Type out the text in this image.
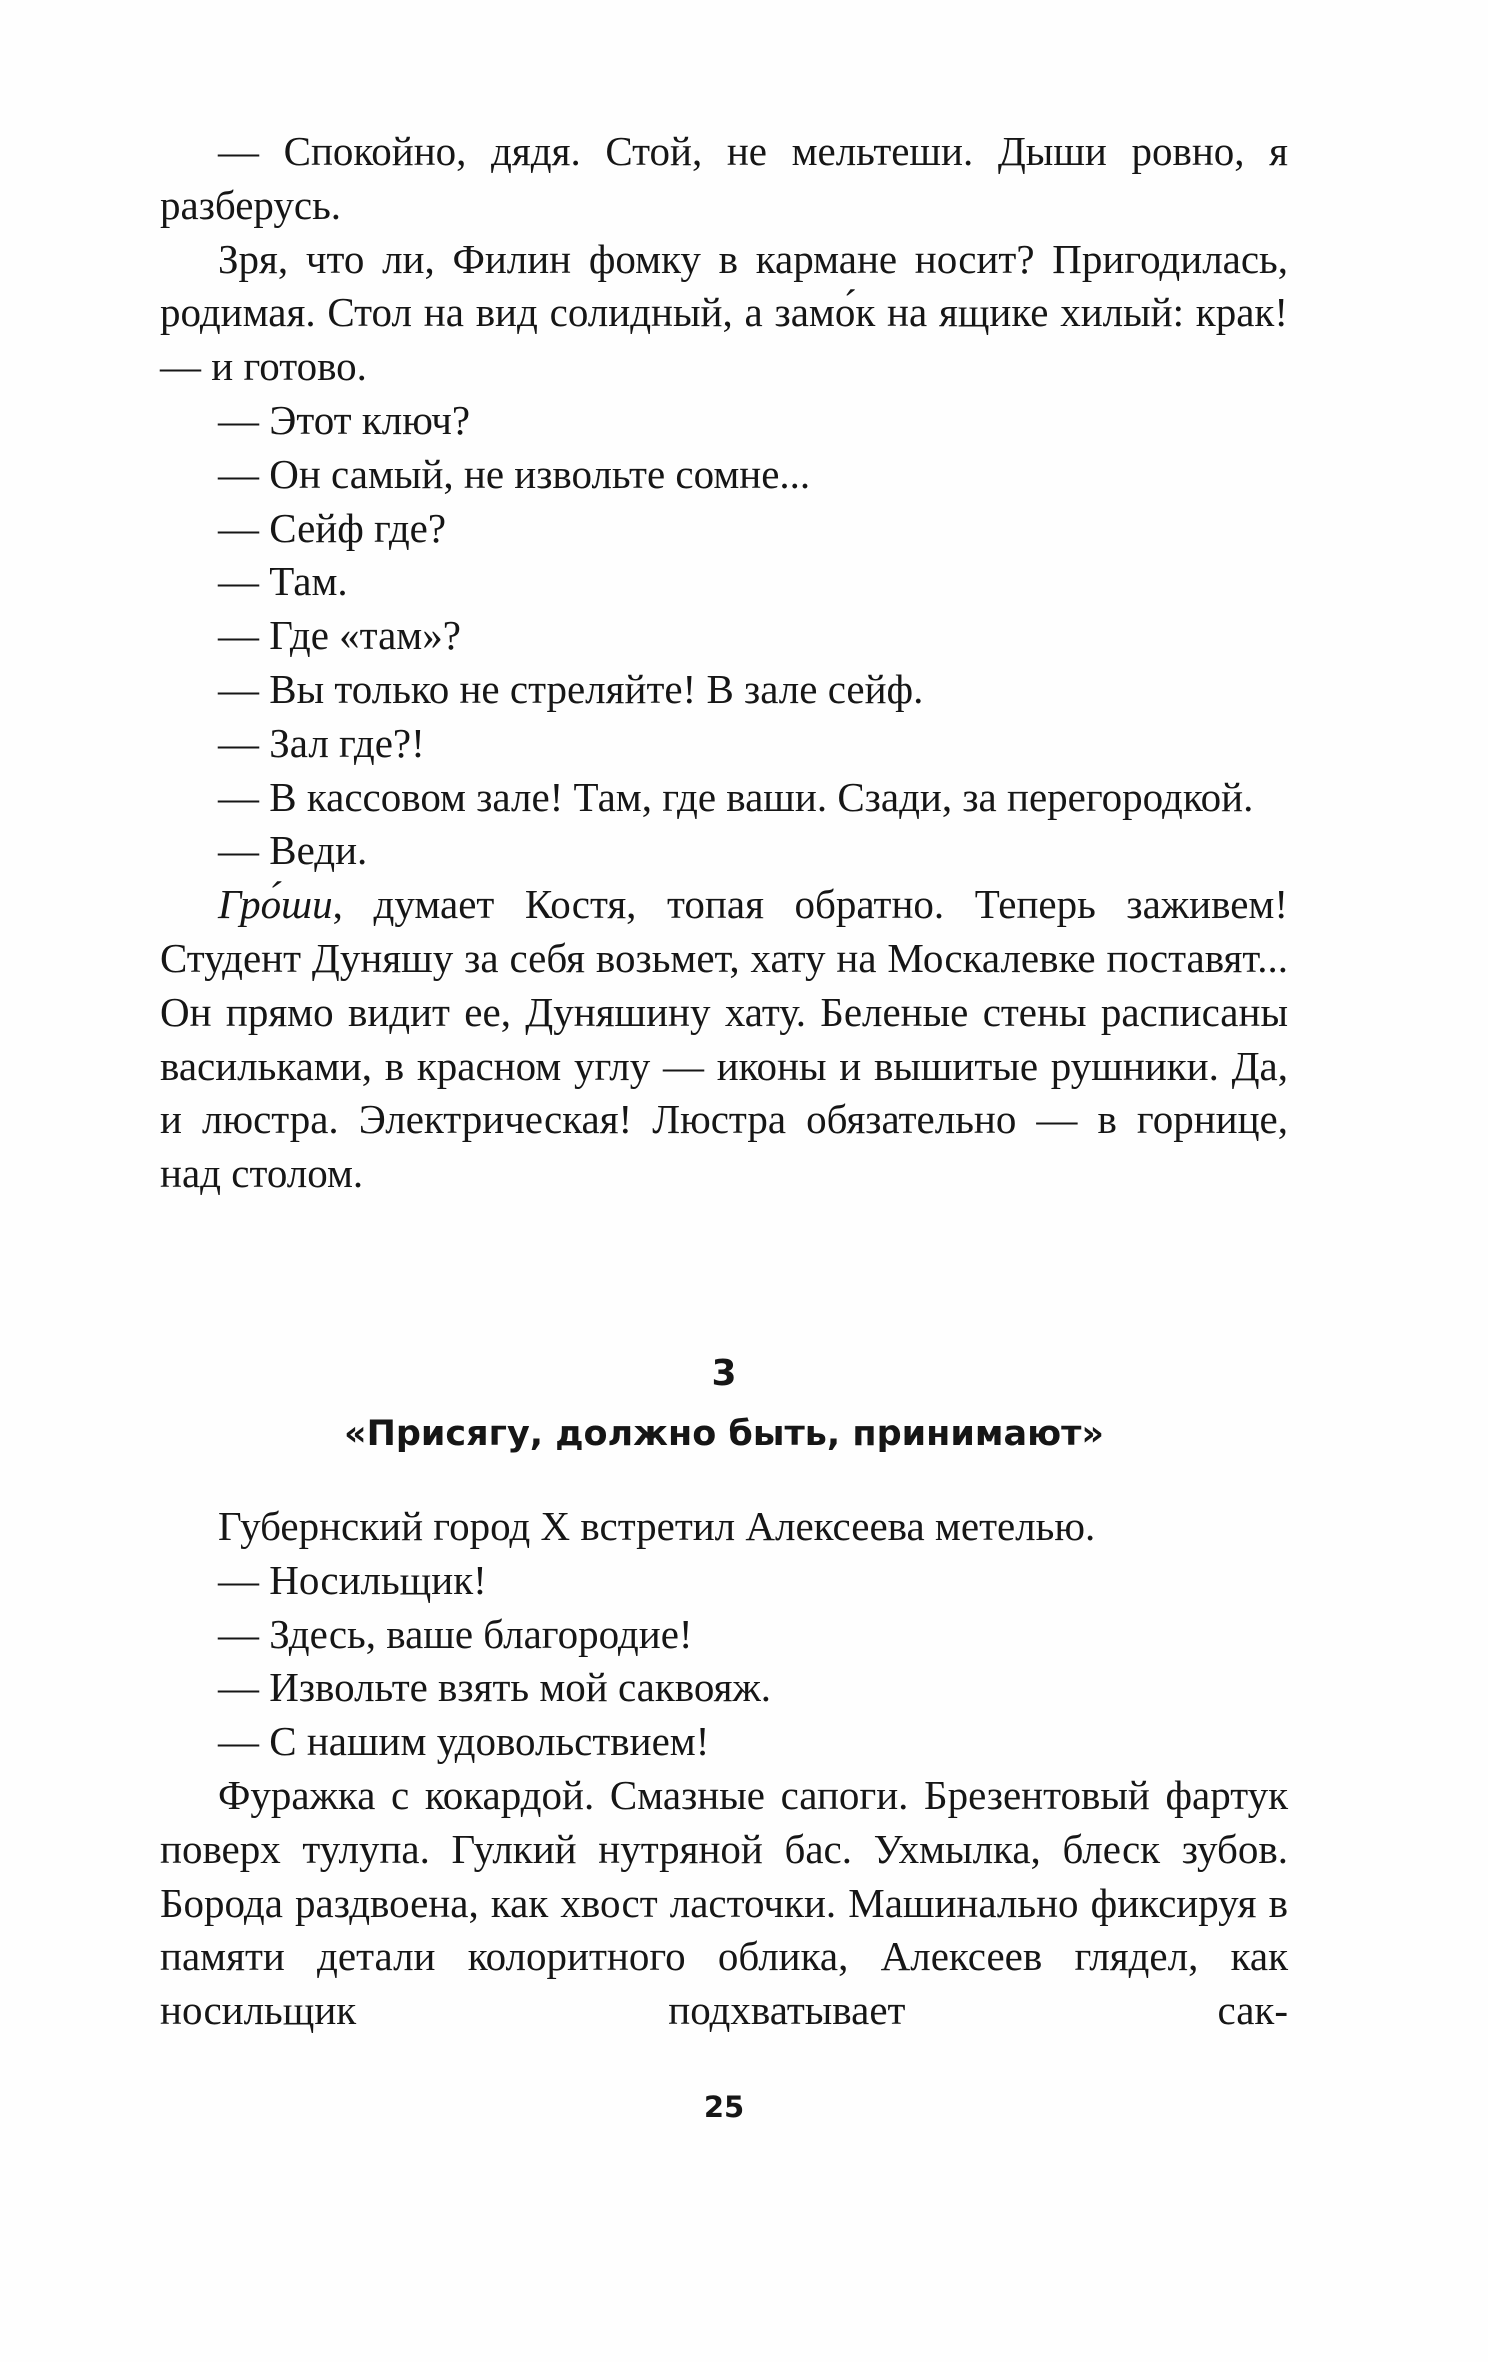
— Спокойно, дядя. Стой, не мельтеши. Дыши ровно, я разберусь.

Зря, что ли, Филин фомку в кармане носит? Пригодилась, родимая. Стол на вид солидный, а замо́к на ящике хилый: крак! — и готово.

— Этот ключ?

— Он самый, не извольте сомне...

— Сейф где?

— Там.

— Где «там»?

— Вы только не стреляйте! В зале сейф.

— Зал где?!

— В кассовом зале! Там, где ваши. Сзади, за перегородкой.

— Веди.

Гро́ши, думает Костя, топая обратно. Теперь заживем! Студент Дуняшу за себя возьмет, хату на Москалевке поставят... Он прямо видит ее, Дуняшину хату. Беленые стены расписаны васильками, в красном углу — иконы и вышитые рушники. Да, и люстра. Электрическая! Люстра обязательно — в горнице, над столом.

3
«Присягу, должно быть, принимают»

Губернский город Х встретил Алексеева метелью.

— Носильщик!

— Здесь, ваше благородие!

— Извольте взять мой саквояж.

— С нашим удовольствием!

Фуражка с кокардой. Смазные сапоги. Брезентовый фартук поверх тулупа. Гулкий нутряной бас. Ухмылка, блеск зубов. Борода раздвоена, как хвост ласточки. Машинально фиксируя в памяти детали колоритного облика, Алексеев глядел, как носильщик подхватывает сак-

25
